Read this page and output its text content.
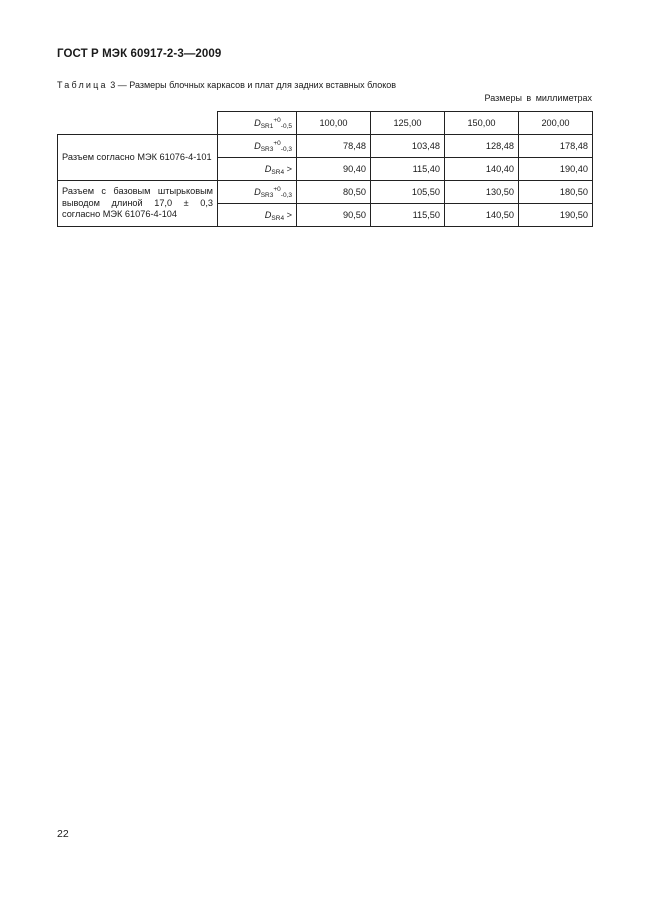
ГОСТ Р МЭК 60917-2-3—2009
Таблица 3 — Размеры блочных каркасов и плат для задних вставных блоков
Размеры в миллиметрах
	$D_{SR1}^{+0}_{-0,5}$	100,00	125,00	150,00	200,00
Разъем согласно МЭК 61076-4-101	$D_{SR3}^{+0}_{-0,3}$	78,48	103,48	128,48	178,48
	$D_{SR4}$ >	90,40	115,40	140,40	190,40
Разъем с базовым штырьковым выводом длиной 17,0 ± 0,3 согласно МЭК 61076-4-104	$D_{SR3}^{+0}_{-0,3}$	80,50	105,50	130,50	180,50
	$D_{SR4}$ >	90,50	115,50	140,50	190,50
22
